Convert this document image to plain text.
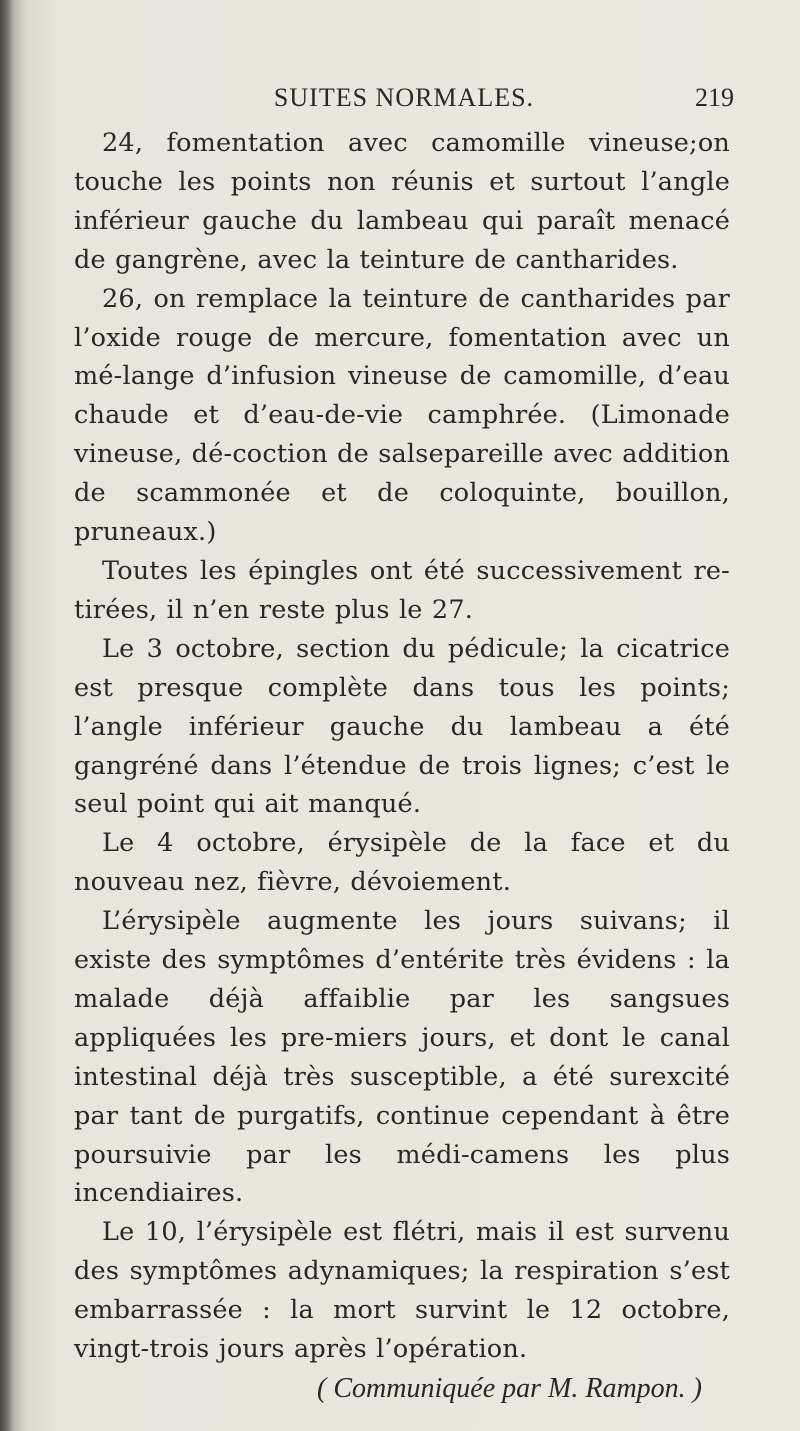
SUITES NORMALES.	219

24, fomentation avec camomille vineuse;on touche les points non réunis et surtout l’angle inférieur gauche du lambeau qui paraît menacé de gangrène, avec la teinture de cantharides.

26, on remplace la teinture de cantharides par l’oxide rouge de mercure, fomentation avec un mé-lange d’infusion vineuse de camomille, d’eau chaude et d’eau-de-vie camphrée. (Limonade vineuse, dé-coction de salsepareille avec addition de scammonée et de coloquinte, bouillon, pruneaux.)

Toutes les épingles ont été successivement re-tirées, il n’en reste plus le 27.

Le 3 octobre, section du pédicule; la cicatrice est presque complète dans tous les points; l’angle inférieur gauche du lambeau a été gangréné dans l’étendue de trois lignes; c’est le seul point qui ait manqué.

Le 4 octobre, érysipèle de la face et du nouveau nez, fièvre, dévoiement.

L’érysipèle augmente les jours suivans; il existe des symptômes d’entérite très évidens : la malade déjà affaiblie par les sangsues appliquées les pre-miers jours, et dont le canal intestinal déjà très susceptible, a été surexcité par tant de purgatifs, continue cependant à être poursuivie par les médi-camens les plus incendiaires.

Le 10, l’érysipèle est flétri, mais il est survenu des symptômes adynamiques; la respiration s’est embarrassée : la mort survint le 12 octobre, vingt-trois jours après l’opération.

( Communiquée par M. Rampon. )
